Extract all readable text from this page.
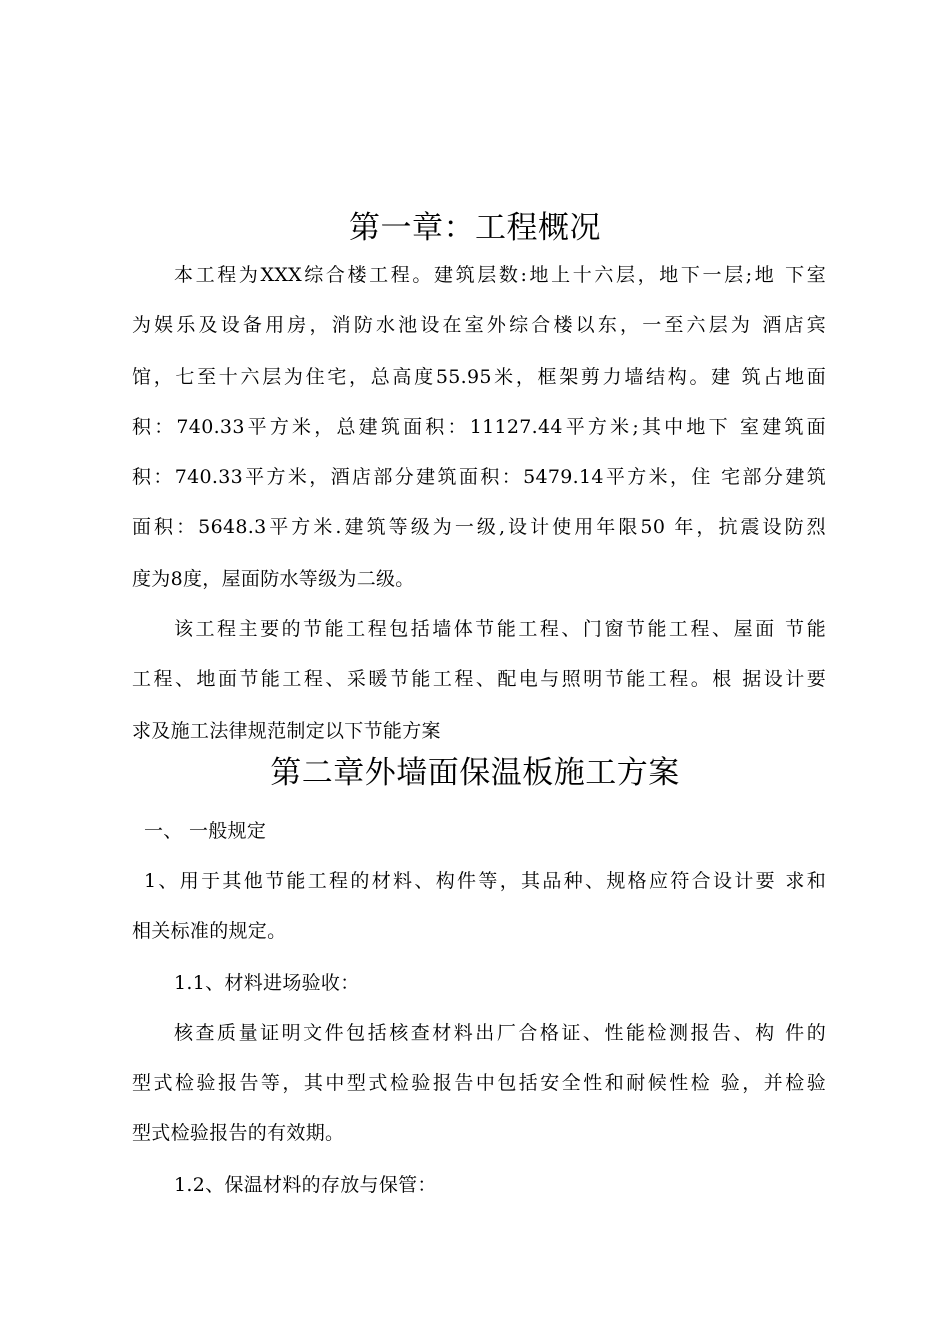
第一章：工程概况
本工程为XXX综合楼工程。建筑层数:地上十六层，地下一层;地 下室
为娱乐及设备用房，消防水池设在室外综合楼以东，一至六层为 酒店宾
馆，七至十六层为住宅，总高度55.95米，框架剪力墙结构。建 筑占地面
积：740.33平方米，总建筑面积：11127.44平方米;其中地下 室建筑面
积：740.33平方米，酒店部分建筑面积：5479.14平方米，住 宅部分建筑
面积：5648.3平方米.建筑等级为一级,设计使用年限50 年，抗震设防烈
度为8度，屋面防水等级为二级。
该工程主要的节能工程包括墙体节能工程、门窗节能工程、屋面 节能
工程、地面节能工程、采暖节能工程、配电与照明节能工程。根 据设计要
求及施工法律规范制定以下节能方案
第二章外墙面保温板施工方案
一、 一般规定
1、用于其他节能工程的材料、构件等，其品种、规格应符合设计要 求和
相关标准的规定。
1.1、材料进场验收：
核查质量证明文件包括核查材料出厂合格证、性能检测报告、构 件的
型式检验报告等，其中型式检验报告中包括安全性和耐候性检 验，并检验
型式检验报告的有效期。
1.2、保温材料的存放与保管：
